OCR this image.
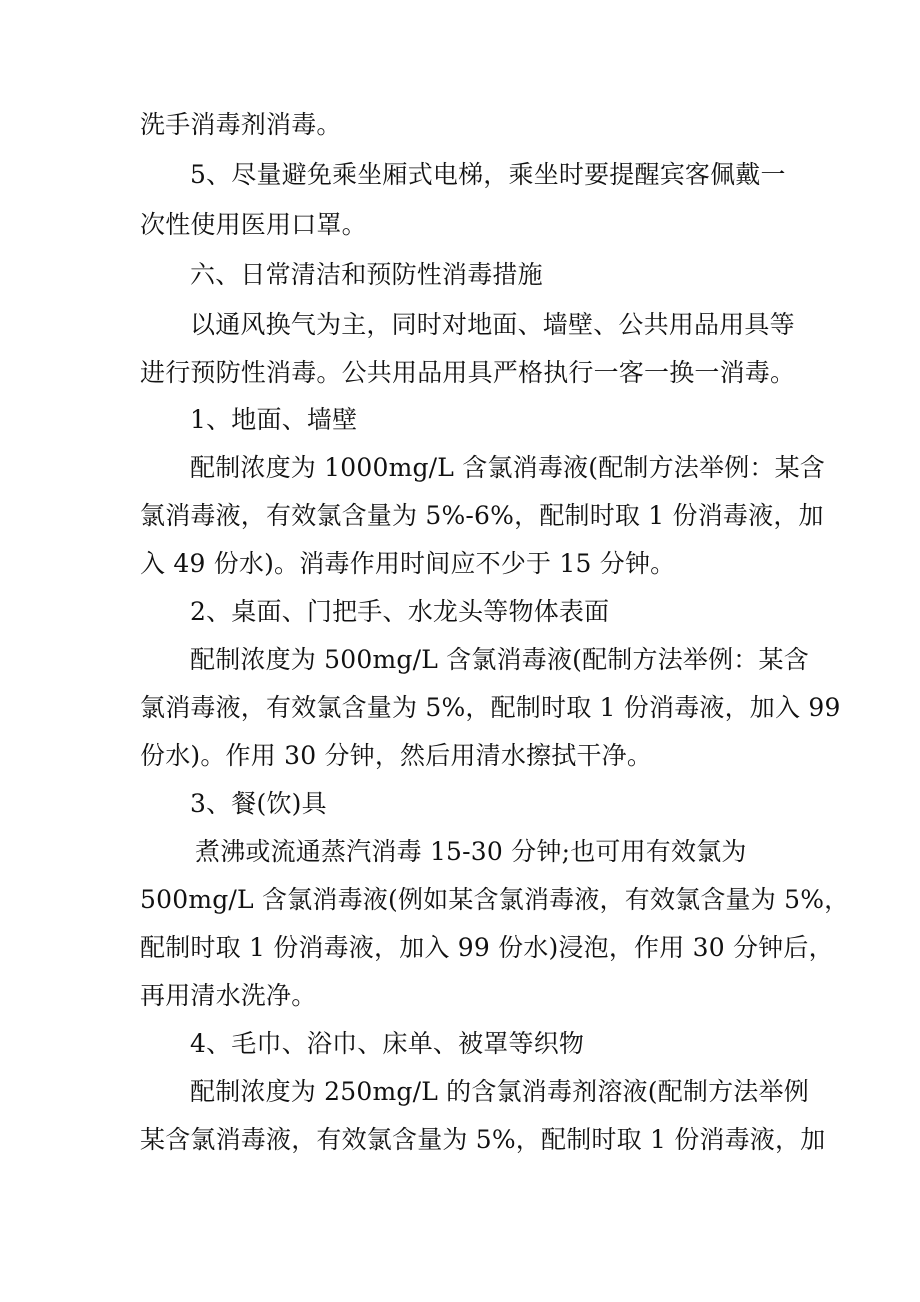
洗手消毒剂消毒。
5、尽量避免乘坐厢式电梯，乘坐时要提醒宾客佩戴一
次性使用医用口罩。
六、日常清洁和预防性消毒措施
以通风换气为主，同时对地面、墙壁、公共用品用具等
进行预防性消毒。公共用品用具严格执行一客一换一消毒。
1、地面、墙壁
配制浓度为 1000mg/L 含氯消毒液(配制方法举例：某含
氯消毒液，有效氯含量为 5%-6%，配制时取 1 份消毒液，加
入 49 份水)。消毒作用时间应不少于 15 分钟。
2、桌面、门把手、水龙头等物体表面
配制浓度为 500mg/L 含氯消毒液(配制方法举例：某含
氯消毒液，有效氯含量为 5%，配制时取 1 份消毒液，加入 99
份水)。作用 30 分钟，然后用清水擦拭干净。
3、餐(饮)具
煮沸或流通蒸汽消毒 15-30 分钟;也可用有效氯为
500mg/L 含氯消毒液(例如某含氯消毒液，有效氯含量为 5%，
配制时取 1 份消毒液，加入 99 份水)浸泡，作用 30 分钟后，
再用清水洗净。
4、毛巾、浴巾、床单、被罩等织物
配制浓度为 250mg/L 的含氯消毒剂溶液(配制方法举例
某含氯消毒液，有效氯含量为 5%，配制时取 1 份消毒液，加
